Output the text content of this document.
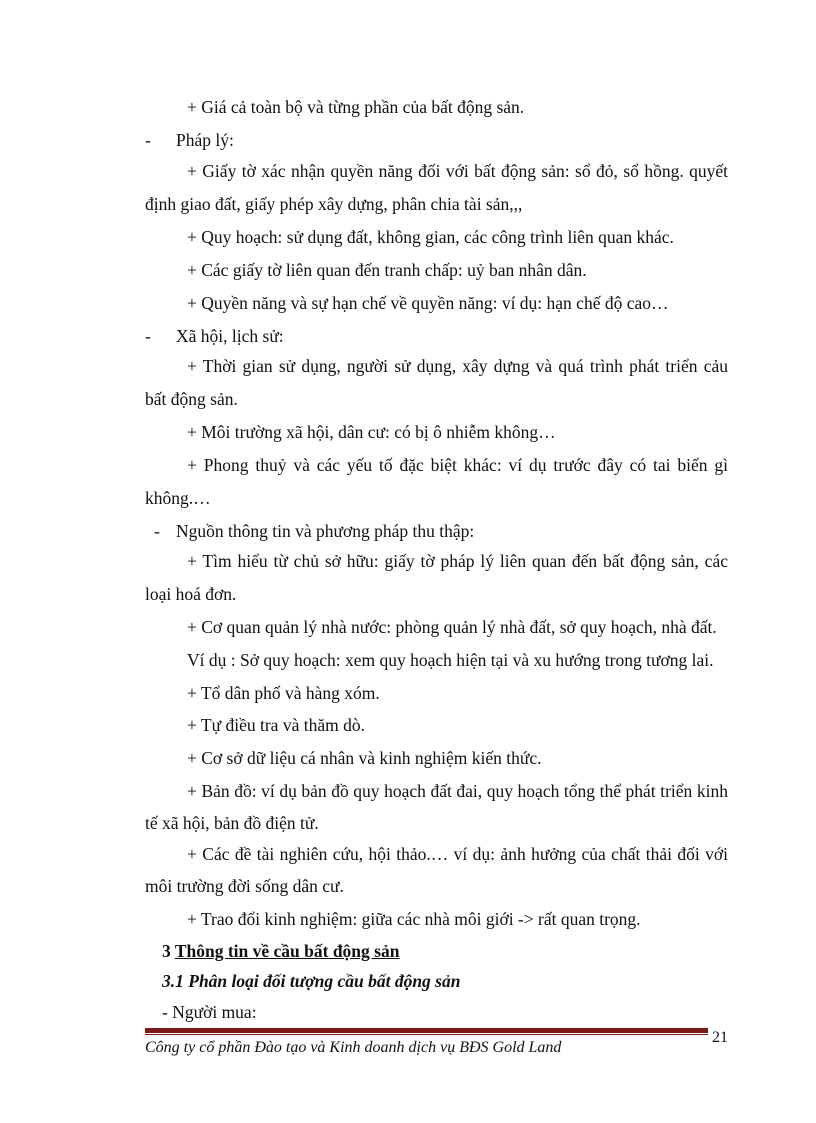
+ Giá cả toàn bộ và từng phần của bất động sản.
- Pháp lý:
+ Giấy tờ xác nhận quyền năng đối với bất động sản: sổ đỏ, sổ hồng. quyết
định giao đất, giấy phép xây dựng, phân chia tài sản,,,
+ Quy hoạch: sử dụng đất, không gian, các công trình liên quan khác.
+ Các giấy tờ liên quan đến tranh chấp: uỷ ban nhân dân.
+ Quyền năng và sự hạn chế về quyền năng: ví dụ: hạn chế độ cao…
- Xã hội, lịch sử:
+ Thời gian sử dụng, người sử dụng, xây dựng và quá trình phát triển cảu
bất động sản.
+ Môi trường xã hội, dân cư: có bị ô nhiễm không…
+ Phong thuỷ và các yếu tố đặc biệt khác: ví dụ trước đây có tai biến gì
không.…
- Nguồn thông tin và phương pháp thu thập:
+ Tìm hiểu từ chủ sở hữu: giấy tờ pháp lý liên quan đến bất động sản, các
loại hoá đơn.
+ Cơ quan quản lý nhà nước: phòng quản lý nhà đất, sở quy hoạch, nhà đất.
Ví dụ : Sở quy hoạch: xem quy hoạch hiện tại và xu hướng trong tương lai.
+ Tổ dân phố và hàng xóm.
+ Tự điều tra và thăm dò.
+ Cơ sở dữ liệu cá nhân và kinh nghiệm kiến thức.
+ Bản đồ: ví dụ bản đồ quy hoạch đất đai, quy hoạch tổng thể phát triển kinh
tế xã hội, bản đồ điện tử.
+ Các đề tài nghiên cứu, hội thảo.… ví dụ: ảnh hưởng của chất thải đối với
môi trường đời sống dân cư.
+ Trao đổi kinh nghiệm: giữa các nhà môi giới -> rất quan trọng.
3 Thông tin về cầu bất động sản
3.1 Phân loại đối tượng cầu bất động sản
- Người mua:
Công ty cổ phần Đào tạo và Kinh doanh dịch vụ BĐS Gold Land
21
